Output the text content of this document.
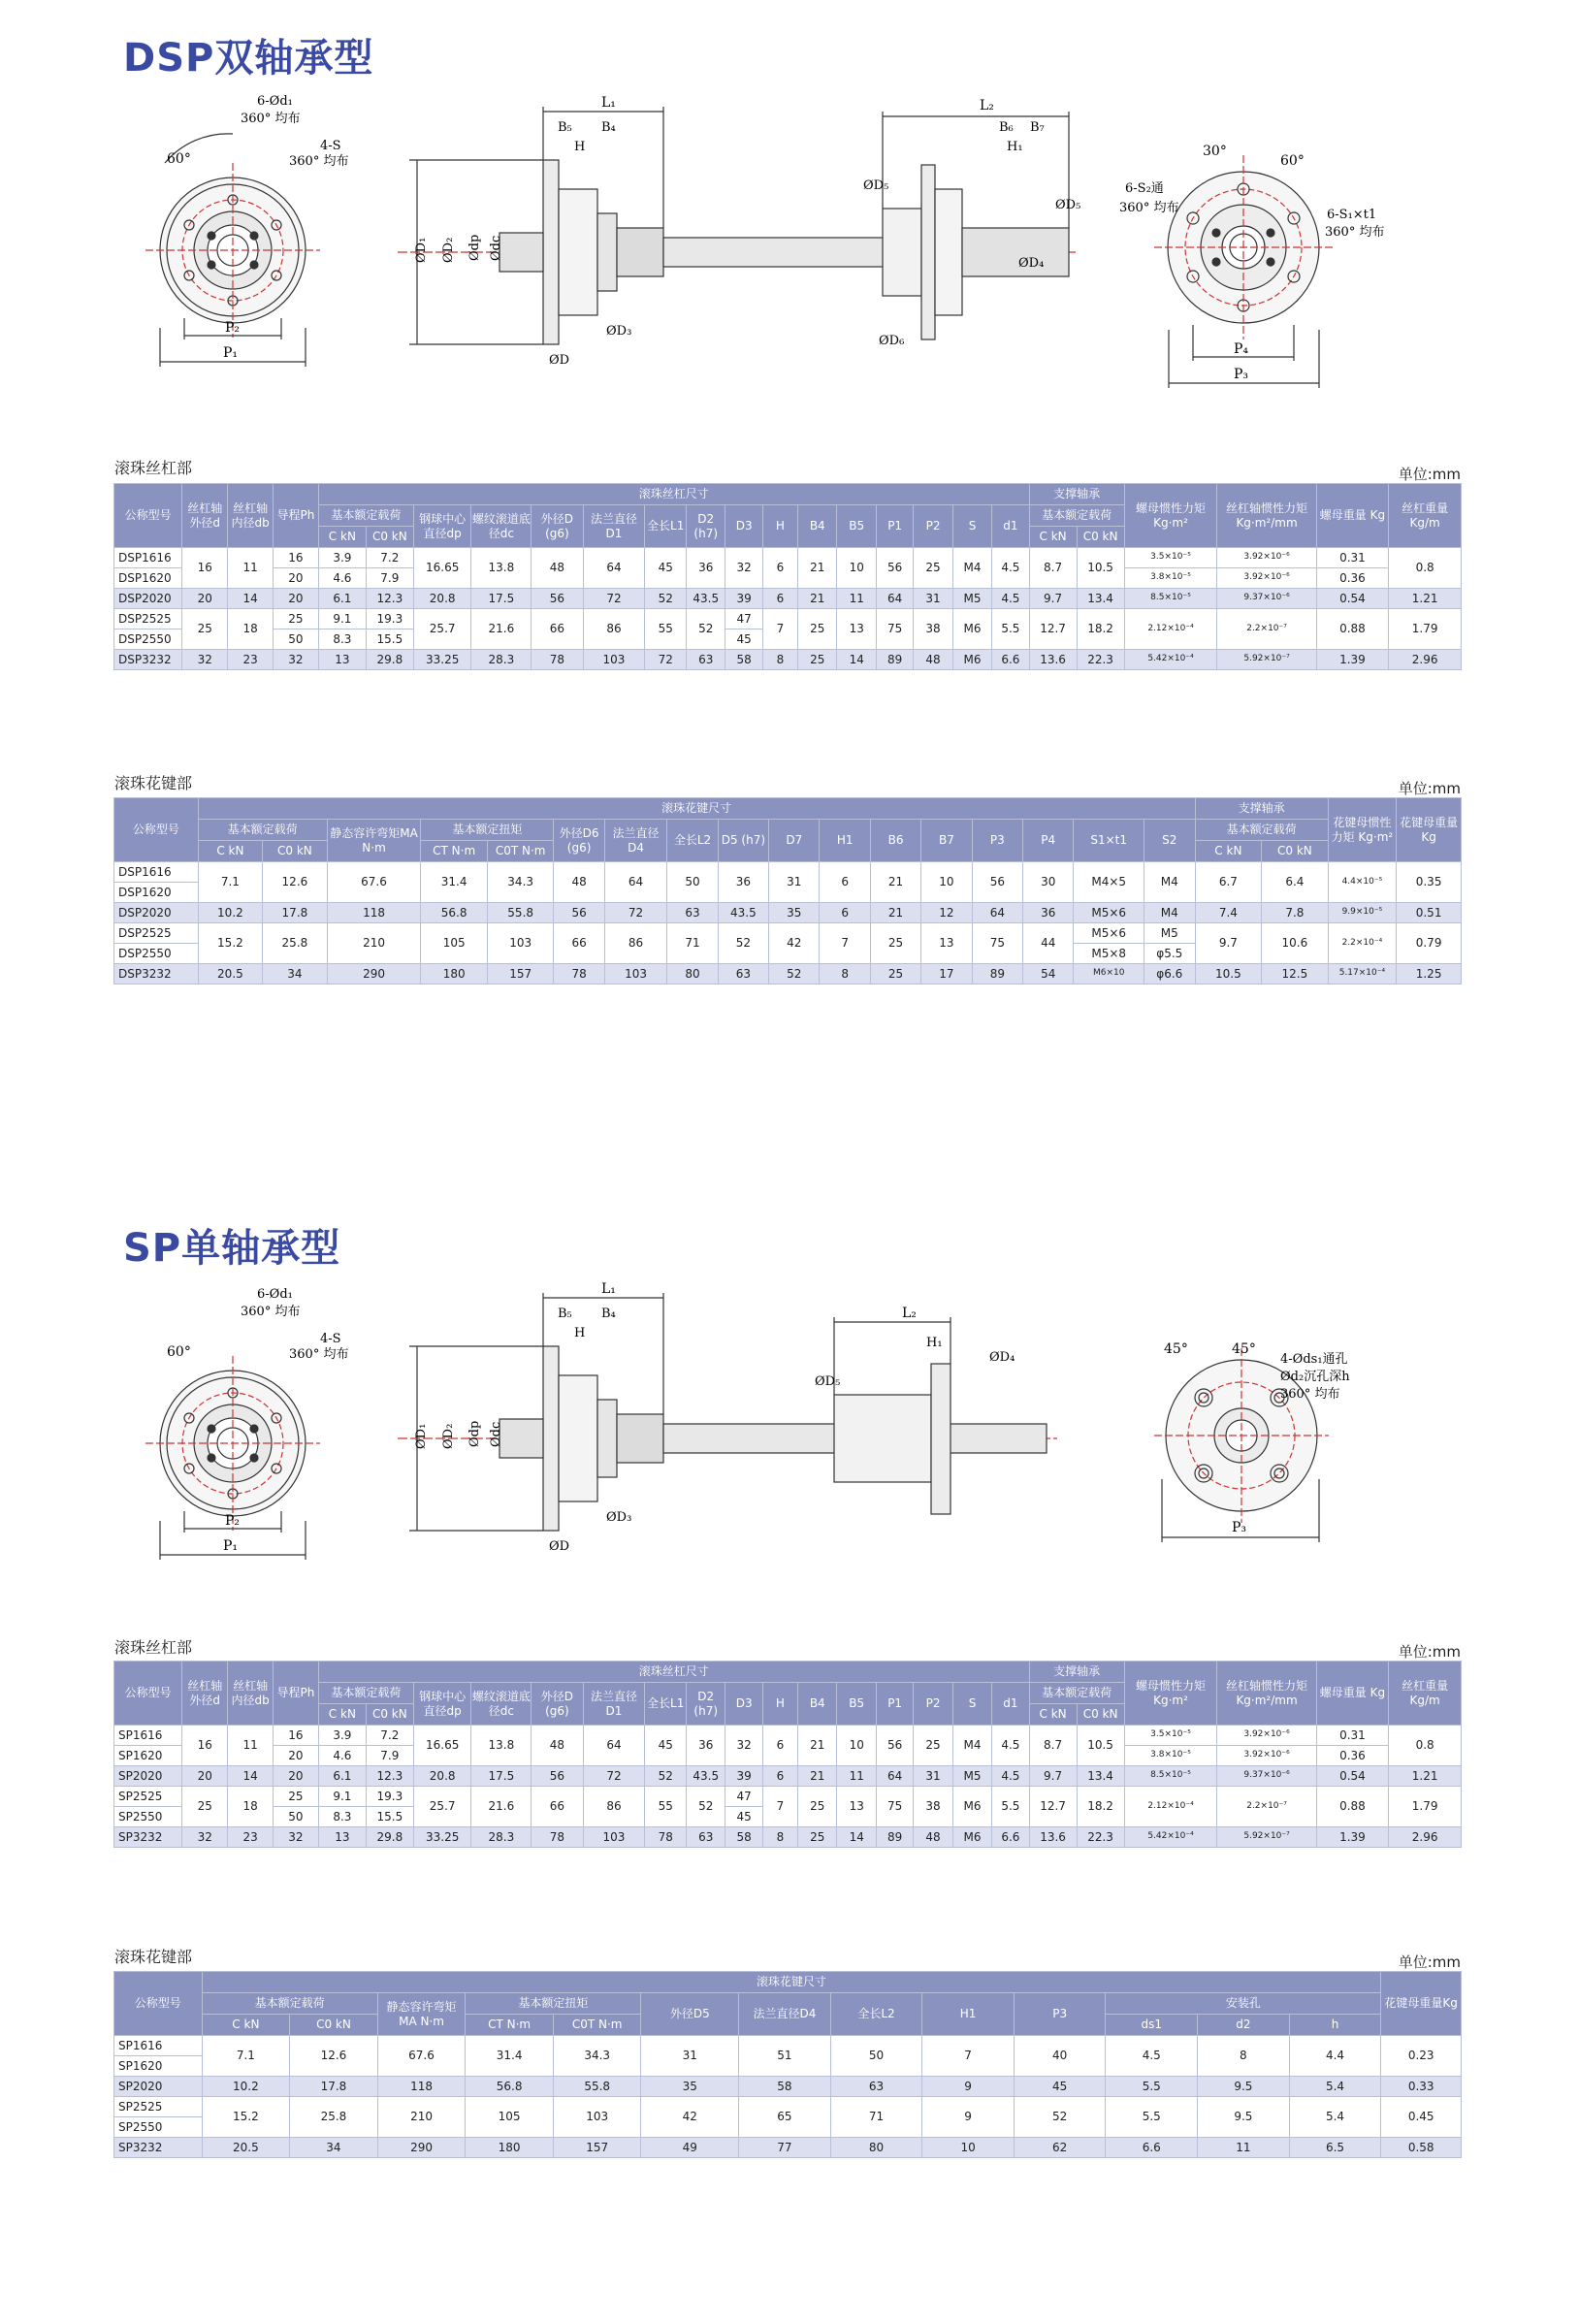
DSP双轴承型
60°
6-Ød₁
360° 均布
4-S
360° 均布
P₁
P₂
L₁	L₂
B₅ B₄
H
B₆ B₇
H₁
ØD₁ ØD₂ Ødp Ødc
ØD
ØD₃
ØD₅
ØD₆
ØD₅
ØD₄
30°
60°
6-S₂通
360° 均布	6-S₁×t1
360° 均布
P₄
P₃
滚珠丝杠部	单位:mm
公称型号	丝杠轴外径d	丝杠轴内径db	导程Ph	滚珠丝杠尺寸																支撑轴承		螺母惯性力矩 Kg·m²	丝杠轴惯性力矩 Kg·m²/mm	螺母重量 Kg	丝杠重量 Kg/m
				基本额定载荷		钢球中心直径dp	螺纹滚道底径dc	外径D (g6)	法兰直径D1	全长L1	D2 (h7)	D3	H	B4	B5	P1	P2	S	d1	基本额定载荷					
				C kN	C0 kN															C kN	C0 kN				
DSP1616	16	11	16	3.9	7.2	16.65	13.8	48	64	45	36	32	6	21	10	56	25	M4	4.5	8.7	10.5	3.5×10⁻⁵	3.92×10⁻⁶	0.31	0.8
DSP1620			20	4.6	7.9																	3.8×10⁻⁵	3.92×10⁻⁶	0.36	
DSP2020	20	14	20	6.1	12.3	20.8	17.5	56	72	52	43.5	39	6	21	11	64	31	M5	4.5	9.7	13.4	8.5×10⁻⁵	9.37×10⁻⁶	0.54	1.21
DSP2525	25	18	25	9.1	19.3	25.7	21.6	66	86	55	52	47	7	25	13	75	38	M6	5.5	12.7	18.2	2.12×10⁻⁴	2.2×10⁻⁷	0.88	1.79
DSP2550			50	8.3	15.5							45													
DSP3232	32	23	32	13	29.8	33.25	28.3	78	103	72	63	58	8	25	14	89	48	M6	6.6	13.6	22.3	5.42×10⁻⁴	5.92×10⁻⁷	1.39	2.96
滚珠花键部	单位:mm
公称型号	滚珠花键尺寸																	支撑轴承		花键母惯性力矩 Kg·m²	花键母重量Kg
	基本额定载荷		静态容许弯矩MA N·m	基本额定扭矩		外径D6 (g6)	法兰直径D4	全长L2	D5 (h7)	D7	H1	B6	B7	P3	P4	S1×t1	S2	基本额定载荷			
	C kN	C0 kN		CT N·m	C0T N·m													C kN	C0 kN		
DSP1616	7.1	12.6	67.6	31.4	34.3	48	64	50	36	31	6	21	10	56	30	M4×5	M4	6.7	6.4	4.4×10⁻⁵	0.35
DSP1620																					
DSP2020	10.2	17.8	118	56.8	55.8	56	72	63	43.5	35	6	21	12	64	36	M5×6	M4	7.4	7.8	9.9×10⁻⁵	0.51
DSP2525	15.2	25.8	210	105	103	66	86	71	52	42	7	25	13	75	44	M5×6	M5	9.7	10.6	2.2×10⁻⁴	0.79
DSP2550																M5×8	φ5.5				
DSP3232	20.5	34	290	180	157	78	103	80	63	52	8	25	17	89	54	M6×10	φ6.6	10.5	12.5	5.17×10⁻⁴	1.25
SP单轴承型
60°
6-Ød₁
360° 均布
4-S
360° 均布
P₁
P₂
L₁
L₂
B₅ B₄
H
H₁
ØD₁ ØD₂ Ødp Ødc
ØD
ØD₃
ØD₅
ØD₄
45°	45°
4-Øds₁通孔
Ød₂沉孔深h
360° 均布
P₃
滚珠丝杠部	单位:mm
公称型号	丝杠轴外径d	丝杠轴内径db	导程Ph	滚珠丝杠尺寸																支撑轴承		螺母惯性力矩 Kg·m²	丝杠轴惯性力矩 Kg·m²/mm	螺母重量 Kg	丝杠重量 Kg/m
				基本额定载荷		钢球中心直径dp	螺纹滚道底径dc	外径D (g6)	法兰直径D1	全长L1	D2 (h7)	D3	H	B4	B5	P1	P2	S	d1	基本额定载荷					
				C kN	C0 kN															C kN	C0 kN				
SP1616	16	11	16	3.9	7.2	16.65	13.8	48	64	45	36	32	6	21	10	56	25	M4	4.5	8.7	10.5	3.5×10⁻⁵	3.92×10⁻⁶	0.31	0.8
SP1620			20	4.6	7.9																	3.8×10⁻⁵	3.92×10⁻⁶	0.36	
SP2020	20	14	20	6.1	12.3	20.8	17.5	56	72	52	43.5	39	6	21	11	64	31	M5	4.5	9.7	13.4	8.5×10⁻⁵	9.37×10⁻⁶	0.54	1.21
SP2525	25	18	25	9.1	19.3	25.7	21.6	66	86	55	52	47	7	25	13	75	38	M6	5.5	12.7	18.2	2.12×10⁻⁴	2.2×10⁻⁷	0.88	1.79
SP2550			50	8.3	15.5							45													
SP3232	32	23	32	13	29.8	33.25	28.3	78	103	78	63	58	8	25	14	89	48	M6	6.6	13.6	22.3	5.42×10⁻⁴	5.92×10⁻⁷	1.39	2.96
滚珠花键部	单位:mm
公称型号	滚珠花键尺寸													花键母重量Kg
	基本额定载荷		静态容许弯矩MA N·m	基本额定扭矩		外径D5	法兰直径D4	全长L2	H1	P3	安装孔			
	C kN	C0 kN		CT N·m	C0T N·m						ds1	d2	h	
SP1616	7.1	12.6	67.6	31.4	34.3	31	51	50	7	40	4.5	8	4.4	0.23
SP1620														
SP2020	10.2	17.8	118	56.8	55.8	35	58	63	9	45	5.5	9.5	5.4	0.33
SP2525	15.2	25.8	210	105	103	42	65	71	9	52	5.5	9.5	5.4	0.45
SP2550														
SP3232	20.5	34	290	180	157	49	77	80	10	62	6.6	11	6.5	0.58
